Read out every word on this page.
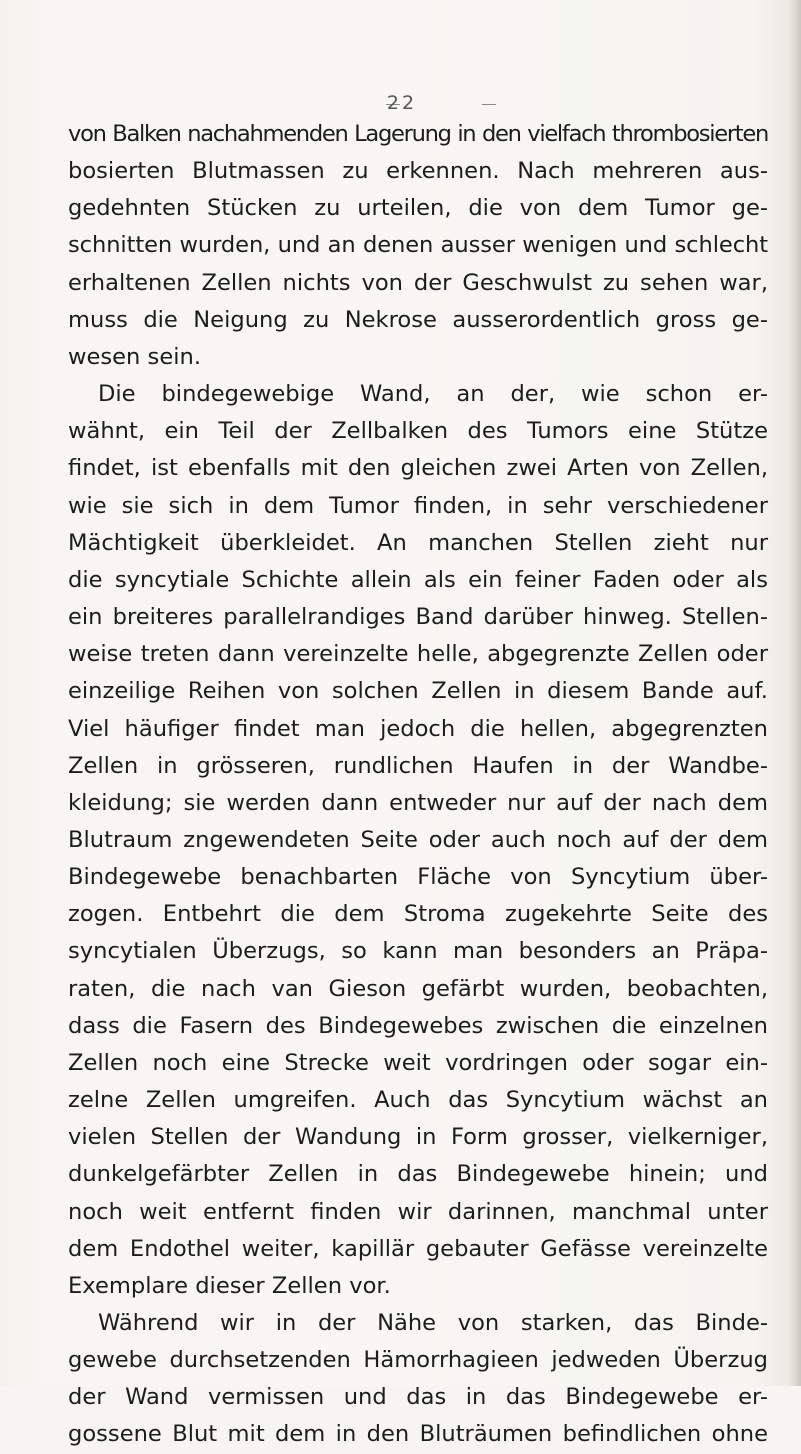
22
von Balken nachahmenden Lagerung in den vielfach thrombosierten
bosierten Blutmassen zu erkennen. Nach mehreren aus-
gedehnten Stücken zu urteilen, die von dem Tumor ge-
schnitten wurden, und an denen ausser wenigen und schlecht
erhaltenen Zellen nichts von der Geschwulst zu sehen war,
muss die Neigung zu Nekrose ausserordentlich gross ge-
wesen sein.
Die bindegewebige Wand, an der, wie schon er-
wähnt, ein Teil der Zellbalken des Tumors eine Stütze
findet, ist ebenfalls mit den gleichen zwei Arten von Zellen,
wie sie sich in dem Tumor finden, in sehr verschiedener
Mächtigkeit überkleidet. An manchen Stellen zieht nur
die syncytiale Schichte allein als ein feiner Faden oder als
ein breiteres parallelrandiges Band darüber hinweg. Stellen-
weise treten dann vereinzelte helle, abgegrenzte Zellen oder
einzeilige Reihen von solchen Zellen in diesem Bande auf.
Viel häufiger findet man jedoch die hellen, abgegrenzten
Zellen in grösseren, rundlichen Haufen in der Wandbe-
kleidung; sie werden dann entweder nur auf der nach dem
Blutraum zngewendeten Seite oder auch noch auf der dem
Bindegewebe benachbarten Fläche von Syncytium über-
zogen. Entbehrt die dem Stroma zugekehrte Seite des
syncytialen Überzugs, so kann man besonders an Präpa-
raten, die nach van Gieson gefärbt wurden, beobachten,
dass die Fasern des Bindegewebes zwischen die einzelnen
Zellen noch eine Strecke weit vordringen oder sogar ein-
zelne Zellen umgreifen. Auch das Syncytium wächst an
vielen Stellen der Wandung in Form grosser, vielkerniger,
dunkelgefärbter Zellen in das Bindegewebe hinein; und
noch weit entfernt finden wir darinnen, manchmal unter
dem Endothel weiter, kapillär gebauter Gefässe vereinzelte
Exemplare dieser Zellen vor.
Während wir in der Nähe von starken, das Binde-
gewebe durchsetzenden Hämorrhagieen jedweden Überzug
der Wand vermissen und das in das Bindegewebe er-
gossene Blut mit dem in den Bluträumen befindlichen ohne
